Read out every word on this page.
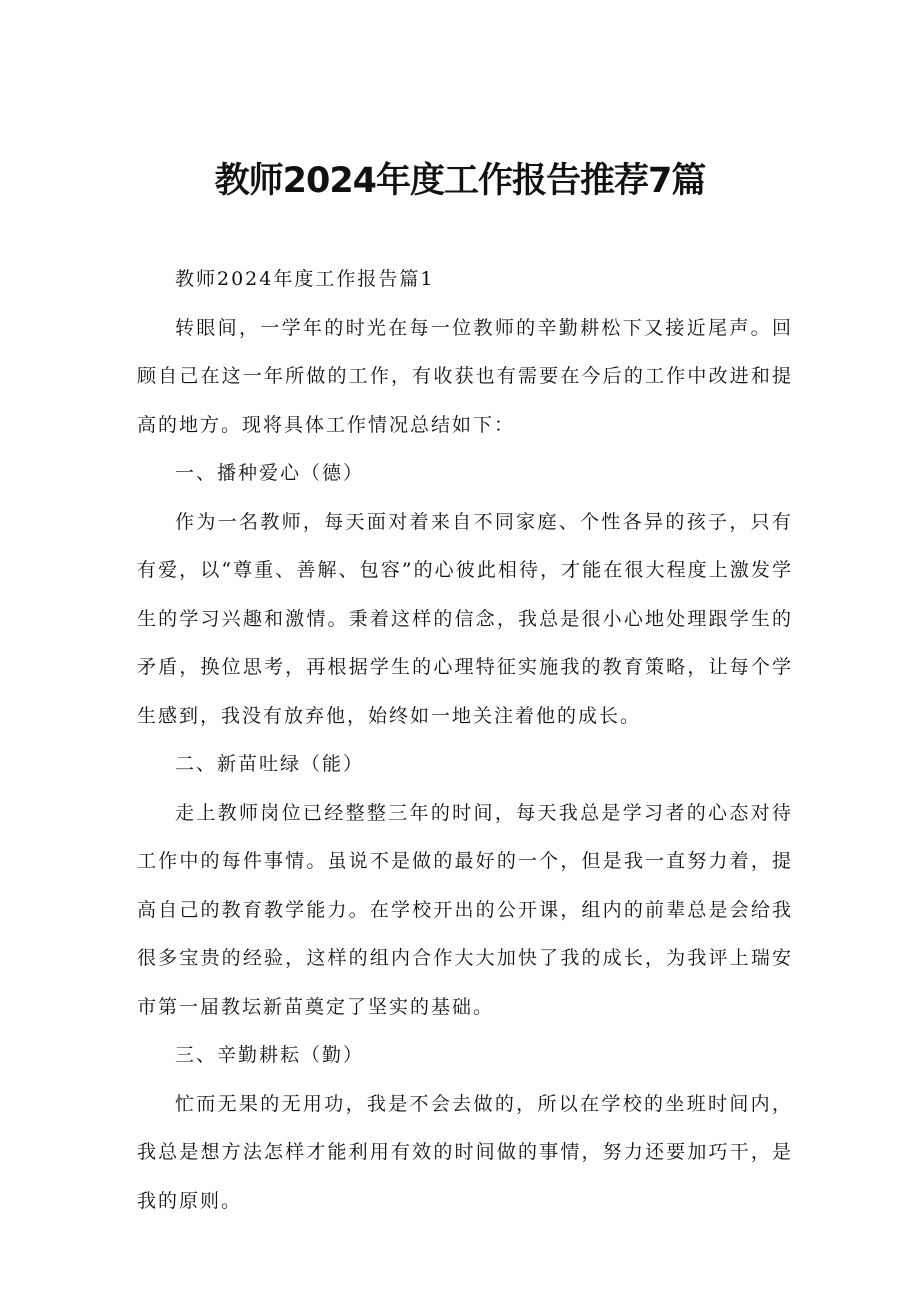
教师2024年度工作报告推荐7篇

教师2024年度工作报告篇1

转眼间，一学年的时光在每一位教师的辛勤耕松下又接近尾声。回顾自己在这一年所做的工作，有收获也有需要在今后的工作中改进和提高的地方。现将具体工作情况总结如下：

一、播种爱心（德）

作为一名教师，每天面对着来自不同家庭、个性各异的孩子，只有有爱，以“尊重、善解、包容”的心彼此相待，才能在很大程度上激发学生的学习兴趣和激情。秉着这样的信念，我总是很小心地处理跟学生的矛盾，换位思考，再根据学生的心理特征实施我的教育策略，让每个学生感到，我没有放弃他，始终如一地关注着他的成长。

二、新苗吐绿（能）

走上教师岗位已经整整三年的时间，每天我总是学习者的心态对待工作中的每件事情。虽说不是做的最好的一个，但是我一直努力着，提高自己的教育教学能力。在学校开出的公开课，组内的前辈总是会给我很多宝贵的经验，这样的组内合作大大加快了我的成长，为我评上瑞安市第一届教坛新苗奠定了坚实的基础。

三、辛勤耕耘（勤）

忙而无果的无用功，我是不会去做的，所以在学校的坐班时间内，我总是想方法怎样才能利用有效的时间做的事情，努力还要加巧干，是我的原则。
